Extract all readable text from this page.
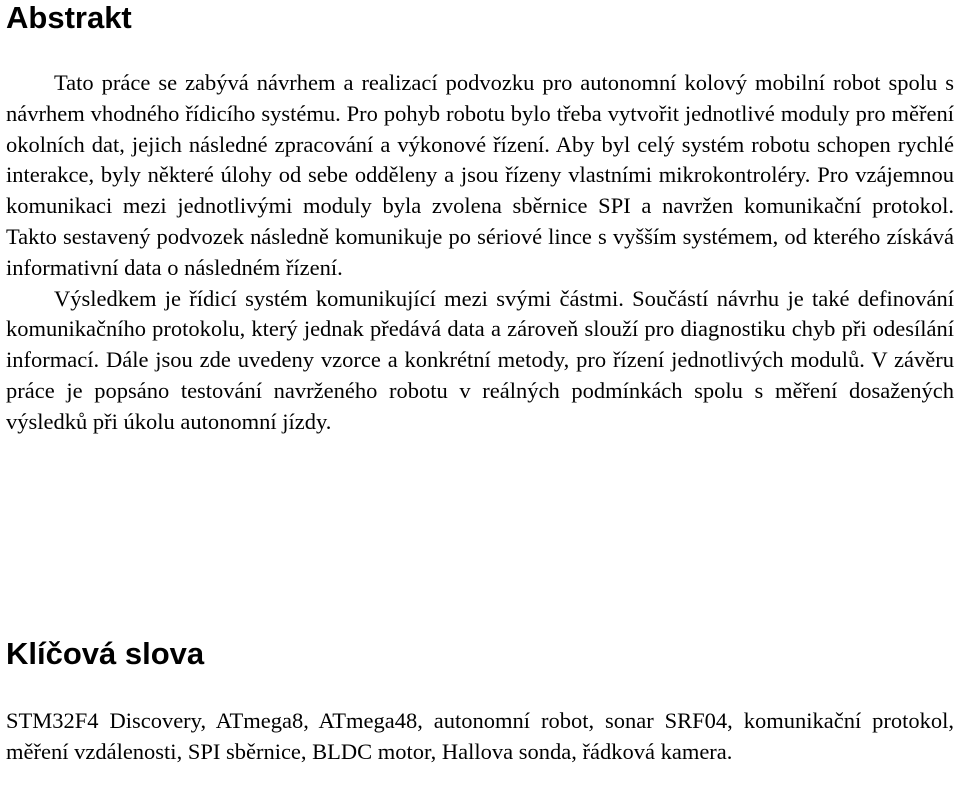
Abstrakt

Tato práce se zabývá návrhem a realizací podvozku pro autonomní kolový mobilní robot spolu s návrhem vhodného řídicího systému. Pro pohyb robotu bylo třeba vytvořit jednotlivé moduly pro měření okolních dat, jejich následné zpracování a výkonové řízení. Aby byl celý systém robotu schopen rychlé interakce, byly některé úlohy od sebe odděleny a jsou řízeny vlastními mikrokontroléry. Pro vzájemnou komunikaci mezi jednotlivými moduly byla zvolena sběrnice SPI a navržen komunikační protokol. Takto sestavený podvozek následně komunikuje po sériové lince s vyšším systémem, od kterého získává informativní data o následném řízení.

Výsledkem je řídicí systém komunikující mezi svými částmi. Součástí návrhu je také definování komunikačního protokolu, který jednak předává data a zároveň slouží pro diagnostiku chyb při odesílání informací. Dále jsou zde uvedeny vzorce a konkrétní metody, pro řízení jednotlivých modulů. V závěru práce je popsáno testování navrženého robotu v reálných podmínkách spolu s měření dosažených výsledků při úkolu autonomní jízdy.

Klíčová slova

STM32F4 Discovery, ATmega8, ATmega48, autonomní robot, sonar SRF04, komunikační protokol, měření vzdálenosti, SPI sběrnice, BLDC motor, Hallova sonda, řádková kamera.
